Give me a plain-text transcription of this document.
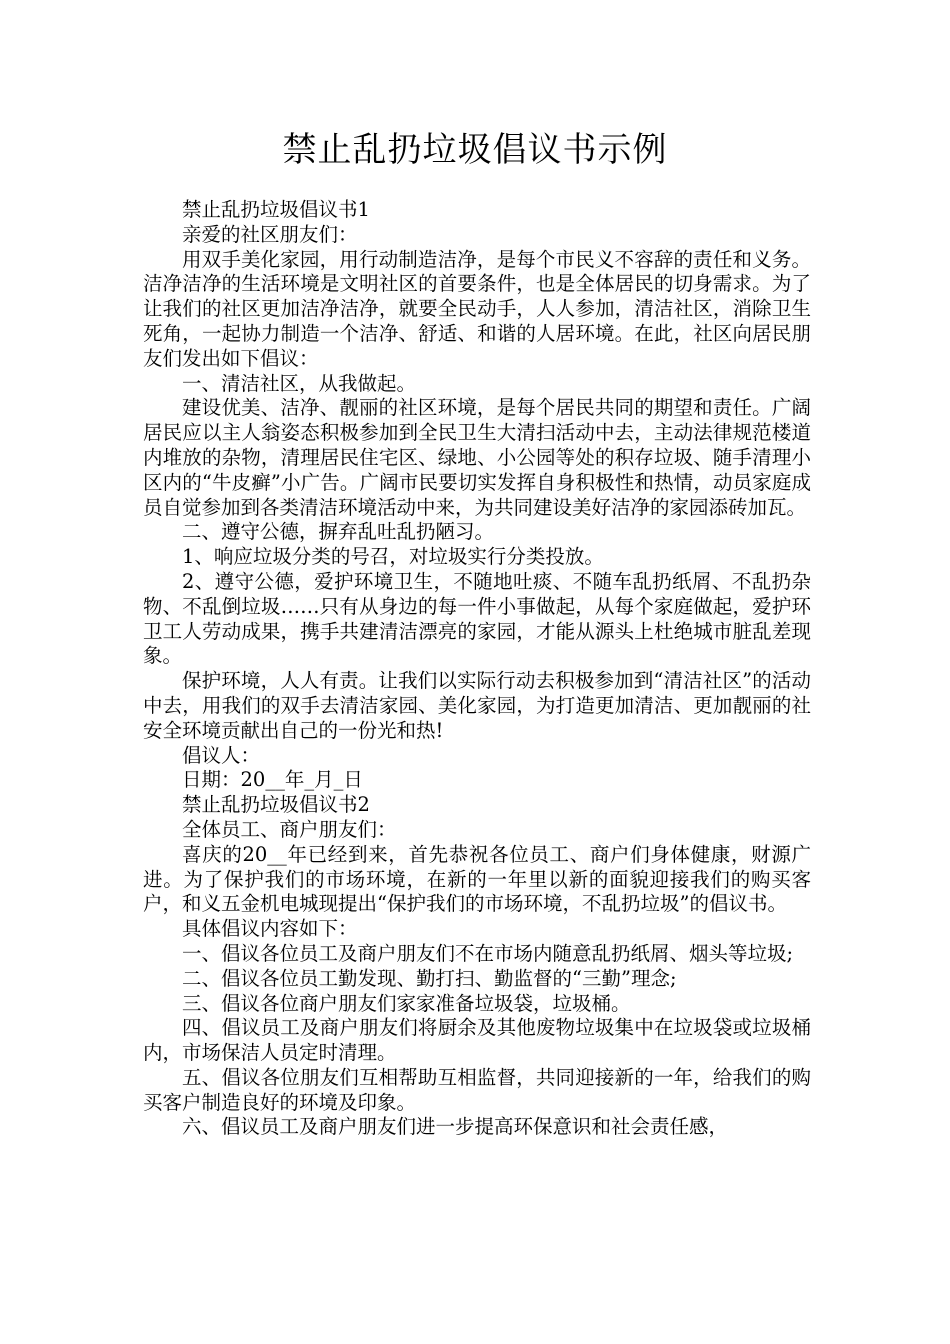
禁止乱扔垃圾倡议书示例

禁止乱扔垃圾倡议书1

亲爱的社区朋友们：

用双手美化家园，用行动制造洁净，是每个市民义不容辞的责任和义务。洁净洁净的生活环境是文明社区的首要条件，也是全体居民的切身需求。为了让我们的社区更加洁净洁净，就要全民动手，人人参加，清洁社区，消除卫生死角，一起协力制造一个洁净、舒适、和谐的人居环境。在此，社区向居民朋友们发出如下倡议：

一、清洁社区，从我做起。

建设优美、洁净、靓丽的社区环境，是每个居民共同的期望和责任。广阔居民应以主人翁姿态积极参加到全民卫生大清扫活动中去，主动法律规范楼道内堆放的杂物，清理居民住宅区、绿地、小公园等处的积存垃圾、随手清理小区内的“牛皮癣”小广告。广阔市民要切实发挥自身积极性和热情，动员家庭成员自觉参加到各类清洁环境活动中来，为共同建设美好洁净的家园添砖加瓦。

二、遵守公德，摒弃乱吐乱扔陋习。

1、响应垃圾分类的号召，对垃圾实行分类投放。

2、遵守公德，爱护环境卫生，不随地吐痰、不随车乱扔纸屑、不乱扔杂物、不乱倒垃圾……只有从身边的每一件小事做起，从每个家庭做起，爱护环卫工人劳动成果，携手共建清洁漂亮的家园，才能从源头上杜绝城市脏乱差现象。

保护环境，人人有责。让我们以实际行动去积极参加到“清洁社区”的活动中去，用我们的双手去清洁家园、美化家园，为打造更加清洁、更加靓丽的社安全环境贡献出自己的一份光和热!

倡议人：

日期：20__年_月_日

禁止乱扔垃圾倡议书2

全体员工、商户朋友们：

喜庆的20__年已经到来，首先恭祝各位员工、商户们身体健康，财源广进。为了保护我们的市场环境，在新的一年里以新的面貌迎接我们的购买客户，和义五金机电城现提出“保护我们的市场环境，不乱扔垃圾”的倡议书。

具体倡议内容如下：

一、倡议各位员工及商户朋友们不在市场内随意乱扔纸屑、烟头等垃圾;

二、倡议各位员工勤发现、勤打扫、勤监督的“三勤”理念;

三、倡议各位商户朋友们家家准备垃圾袋，垃圾桶。

四、倡议员工及商户朋友们将厨余及其他废物垃圾集中在垃圾袋或垃圾桶内，市场保洁人员定时清理。

五、倡议各位朋友们互相帮助互相监督，共同迎接新的一年，给我们的购买客户制造良好的环境及印象。

六、倡议员工及商户朋友们进一步提高环保意识和社会责任感，
